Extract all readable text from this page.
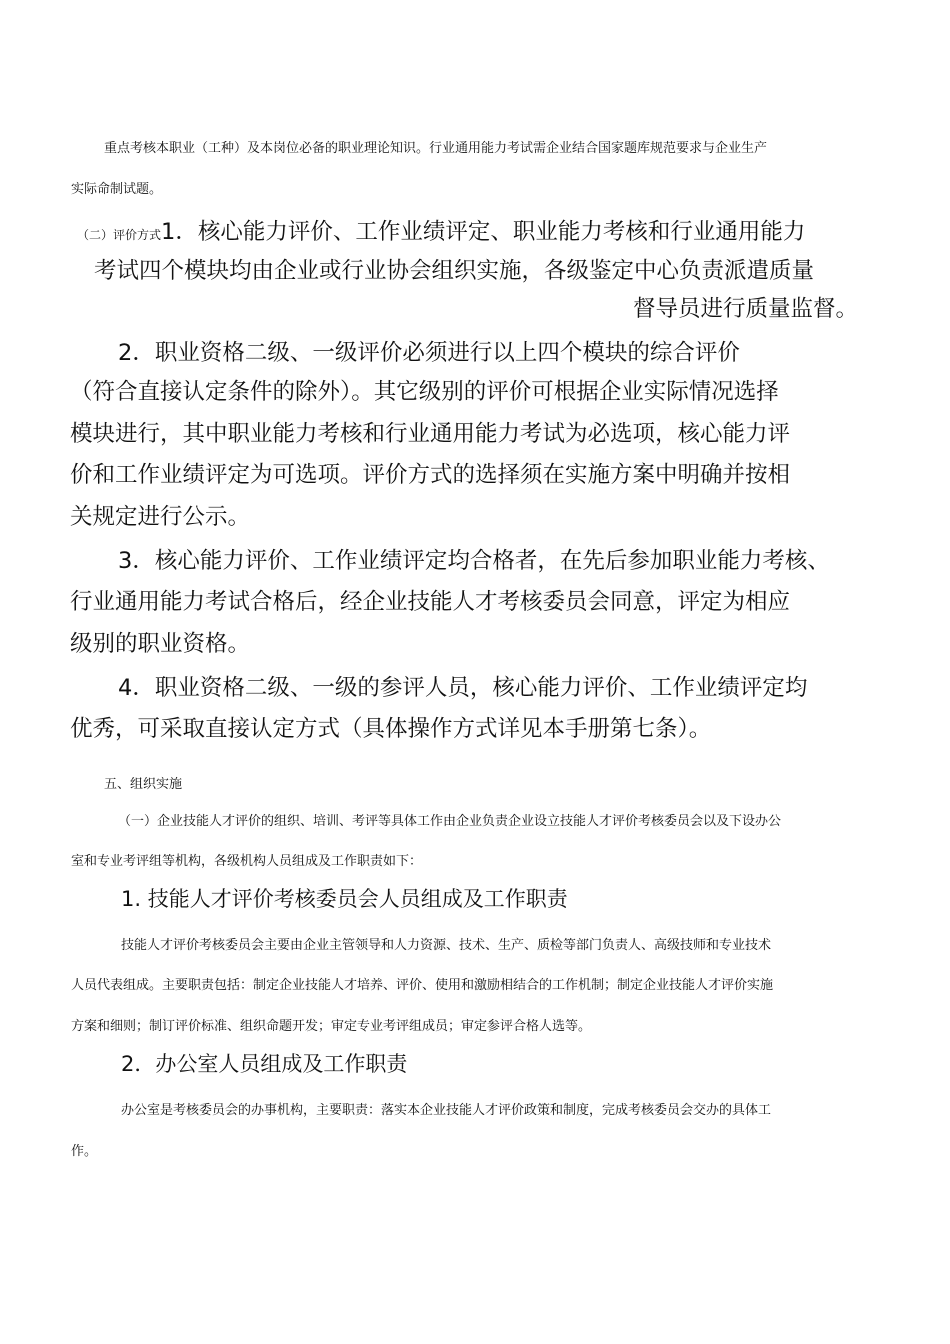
重点考核本职业（工种）及本岗位必备的职业理论知识。行业通用能力考试需企业结合国家题库规范要求与企业生产
实际命制试题。
（二）评价方式1．核心能力评价、工作业绩评定、职业能力考核和行业通用能力
考试四个模块均由企业或行业协会组织实施，各级鉴定中心负责派遣质量
督导员进行质量监督。
2．职业资格二级、一级评价必须进行以上四个模块的综合评价
（符合直接认定条件的除外）。其它级别的评价可根据企业实际情况选择
模块进行，其中职业能力考核和行业通用能力考试为必选项，核心能力评
价和工作业绩评定为可选项。评价方式的选择须在实施方案中明确并按相
关规定进行公示。
3．核心能力评价、工作业绩评定均合格者，在先后参加职业能力考核、
行业通用能力考试合格后，经企业技能人才考核委员会同意，评定为相应
级别的职业资格。
4．职业资格二级、一级的参评人员，核心能力评价、工作业绩评定均
优秀，可采取直接认定方式（具体操作方式详见本手册第七条）。
五、组织实施
（一）企业技能人才评价的组织、培训、考评等具体工作由企业负责企业设立技能人才评价考核委员会以及下设办公
室和专业考评组等机构，各级机构人员组成及工作职责如下：
1. 技能人才评价考核委员会人员组成及工作职责
技能人才评价考核委员会主要由企业主管领导和人力资源、技术、生产、质检等部门负责人、高级技师和专业技术
人员代表组成。主要职责包括：制定企业技能人才培养、评价、使用和激励相结合的工作机制；制定企业技能人才评价实施
方案和细则；制订评价标准、组织命题开发；审定专业考评组成员；审定参评合格人选等。
2．办公室人员组成及工作职责
办公室是考核委员会的办事机构，主要职责：落实本企业技能人才评价政策和制度，完成考核委员会交办的具体工
作。
